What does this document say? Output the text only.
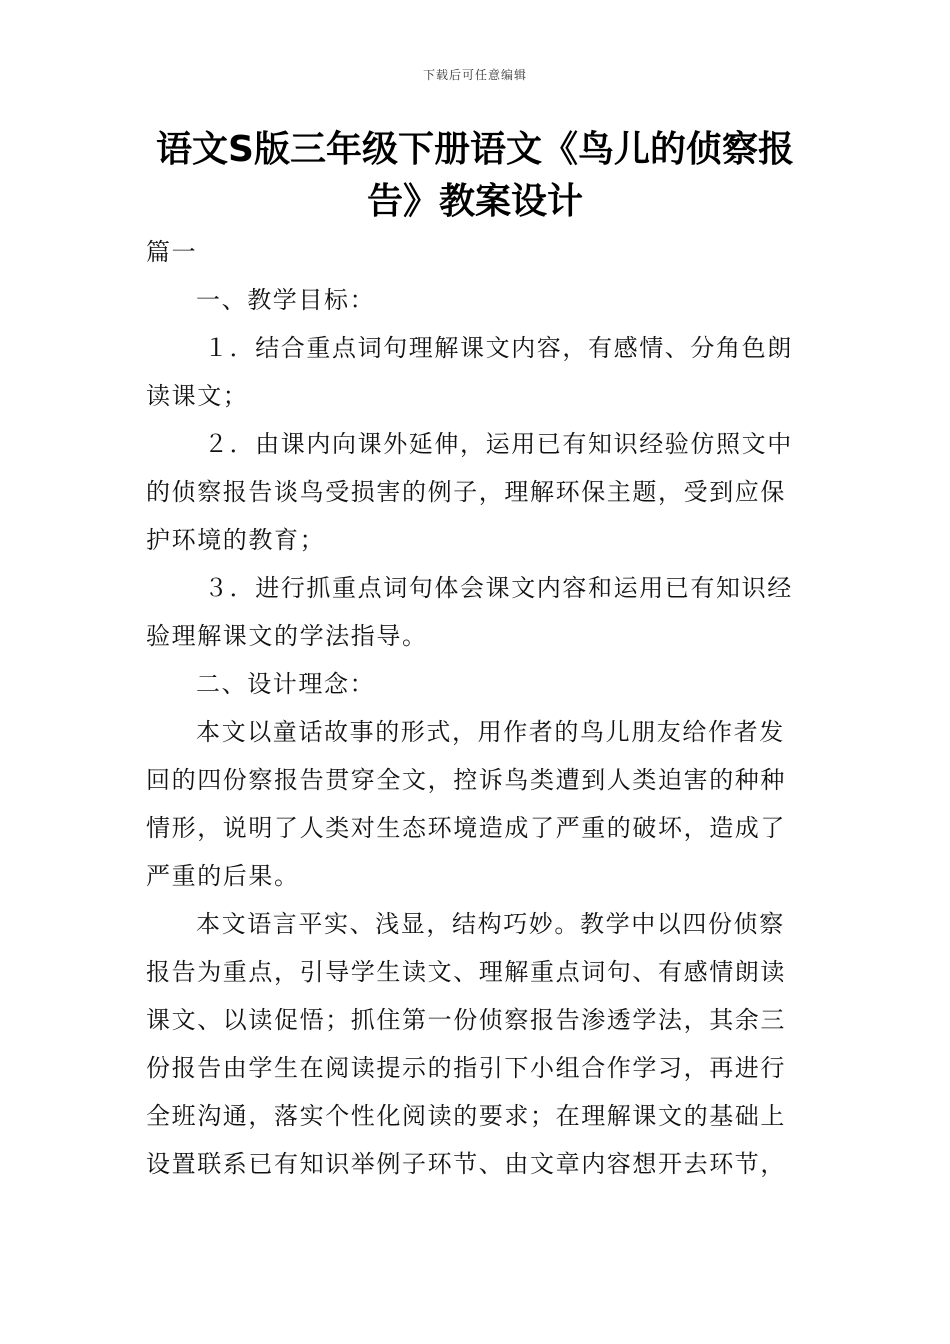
下载后可任意编辑
语文S版三年级下册语文《鸟儿的侦察报
告》教案设计
篇一

一、教学目标：

１．结合重点词句理解课文内容，有感情、分角色朗读课文；

２．由课内向课外延伸，运用已有知识经验仿照文中的侦察报告谈鸟受损害的例子，理解环保主题，受到应保护环境的教育；

３．进行抓重点词句体会课文内容和运用已有知识经验理解课文的学法指导。

二、设计理念：

本文以童话故事的形式，用作者的鸟儿朋友给作者发回的四份察报告贯穿全文，控诉鸟类遭到人类迫害的种种情形，说明了人类对生态环境造成了严重的破坏，造成了严重的后果。

本文语言平实、浅显，结构巧妙。教学中以四份侦察报告为重点，引导学生读文、理解重点词句、有感情朗读课文、以读促悟；抓住第一份侦察报告渗透学法，其余三份报告由学生在阅读提示的指引下小组合作学习，再进行全班沟通，落实个性化阅读的要求；在理解课文的基础上设置联系已有知识举例子环节、由文章内容想开去环节，
